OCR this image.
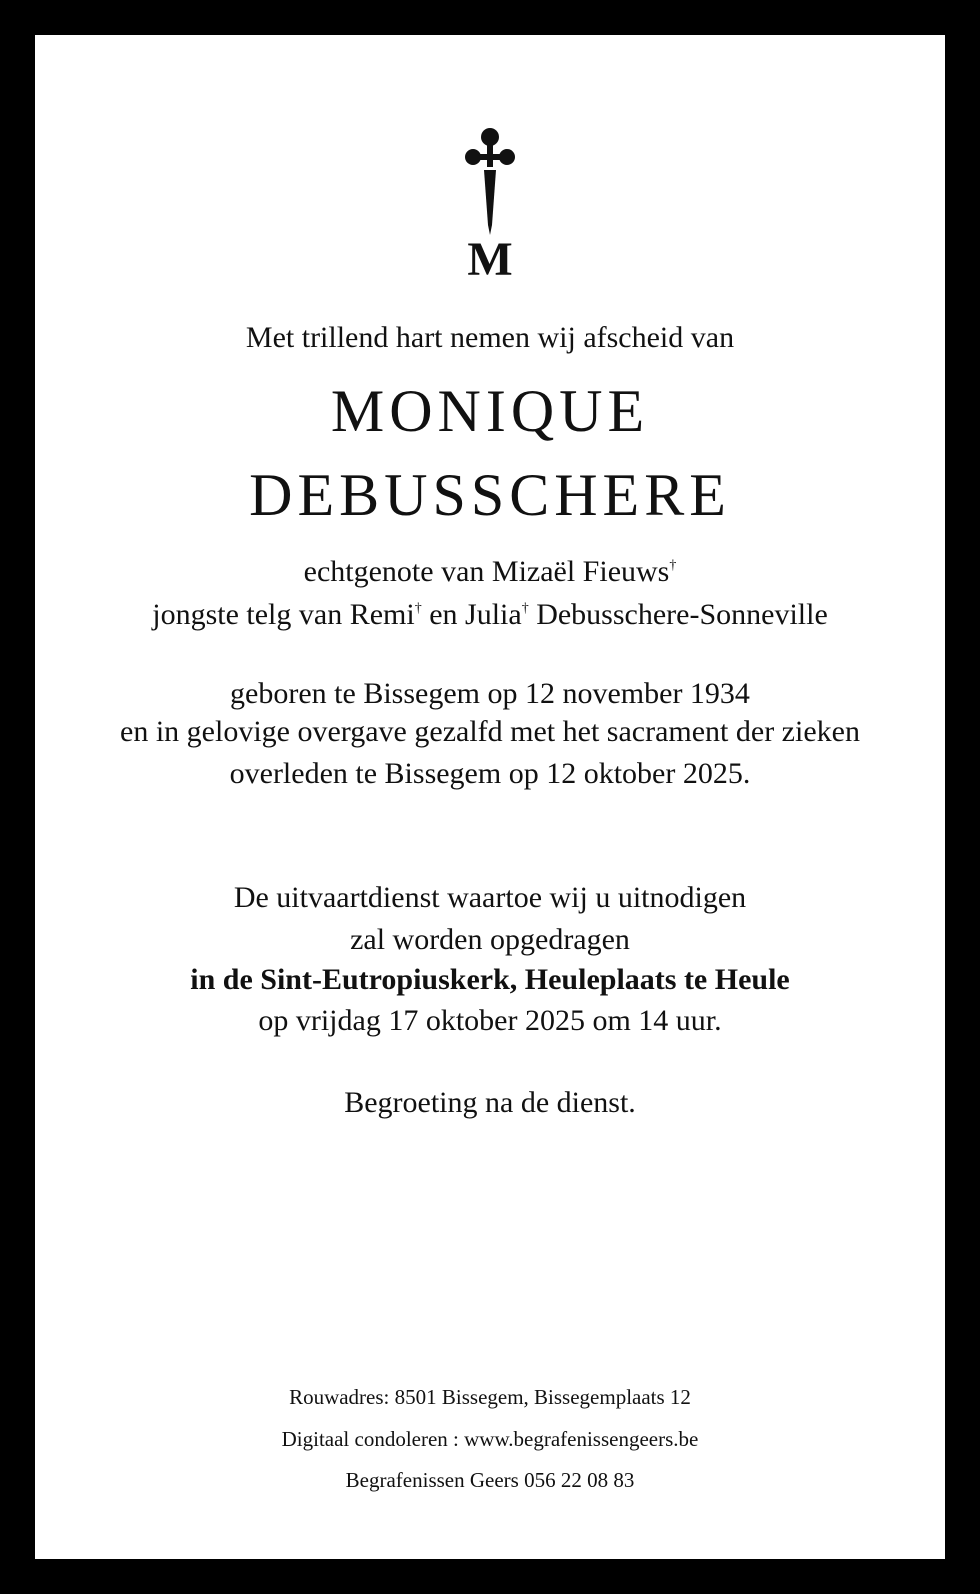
M
Met trillend hart nemen wij afscheid van
MONIQUE
DEBUSSCHERE
echtgenote van Mizaël Fieuws†
jongste telg van Remi† en Julia† Debusschere-Sonneville
geboren te Bissegem op 12 november 1934
en in gelovige overgave gezalfd met het sacrament der zieken
overleden te Bissegem op 12 oktober 2025.
De uitvaartdienst waartoe wij u uitnodigen
zal worden opgedragen
in de Sint-Eutropiuskerk, Heuleplaats te Heule
op vrijdag 17 oktober 2025 om 14 uur.
Begroeting na de dienst.
Rouwadres: 8501 Bissegem, Bissegemplaats 12
Digitaal condoleren : www.begrafenissengeers.be
Begrafenissen Geers 056 22 08 83
